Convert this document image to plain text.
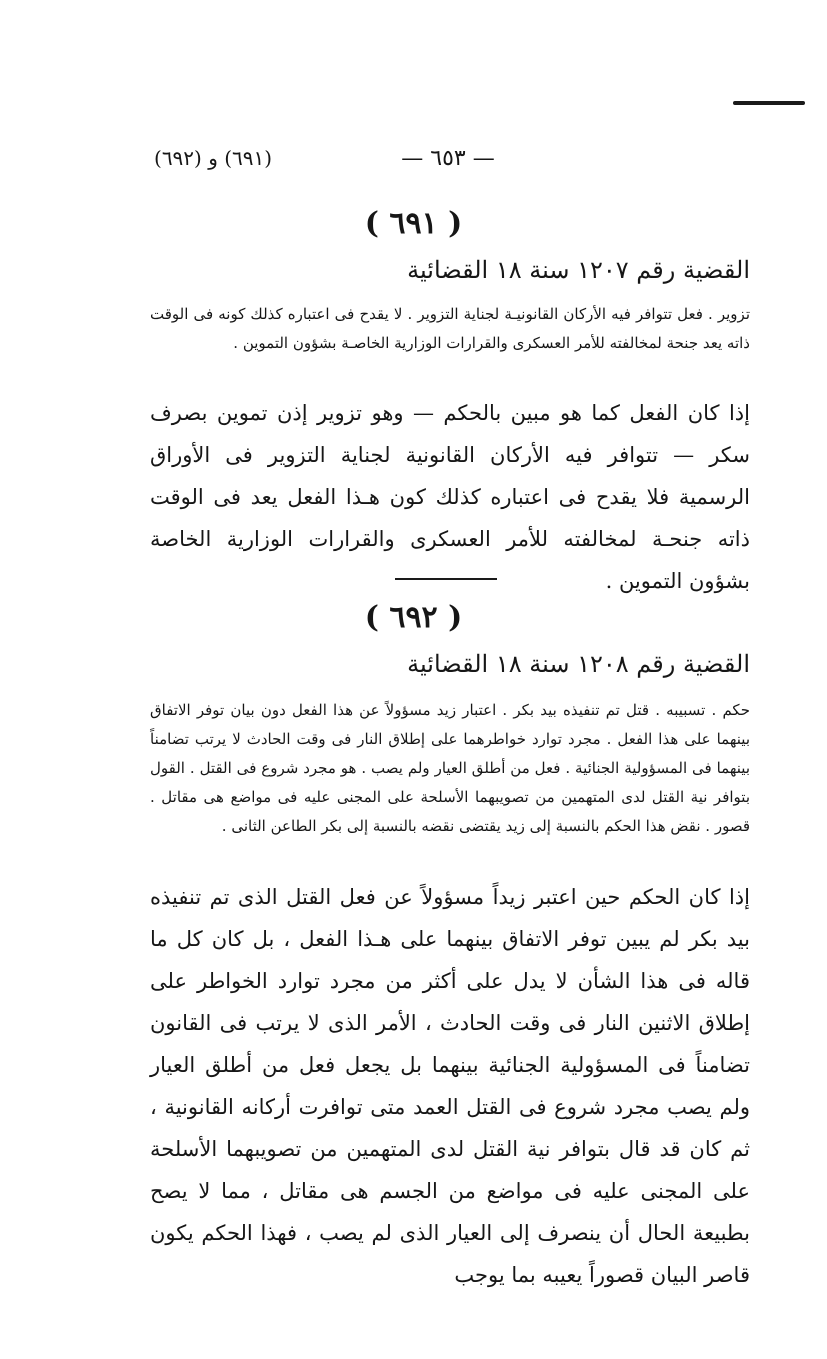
(٦٩١) و (٦٩٢)	— ٦٥٣ —
( ٦٩١ )
القضية رقم ١٢٠٧ سنة ١٨ القضائية
تزوير . فعل تتوافر فيه الأركان القانونيـة لجناية التزوير . لا يقدح فى اعتباره كذلك كونه فى الوقت ذاته يعد جنحة لمخالفته للأمر العسكرى والقرارات الوزارية الخاصـة بشؤون التموين .
إذا كان الفعل كما هو مبين بالحكم — وهو تزوير إذن تموين بصرف سكر — تتوافر فيه الأركان القانونية لجناية التزوير فى الأوراق الرسمية فلا يقدح فى اعتباره كذلك كون هـذا الفعل يعد فى الوقت ذاته جنحـة لمخالفته للأمر العسكرى والقرارات الوزارية الخاصة بشؤون التموين .
( ٦٩٢ )
القضية رقم ١٢٠٨ سنة ١٨ القضائية
حكم . تسبيبه . قتل تم تنفيذه بيد بكر . اعتبار زيد مسؤولاً عن هذا الفعل دون بيان توفر الاتفاق بينهما على هذا الفعل . مجرد توارد خواطرهما على إطلاق النار فى وقت الحادث لا يرتب تضامناً بينهما فى المسؤولية الجنائية . فعل من أطلق العيار ولم يصب . هو مجرد شروع فى القتل . القول بتوافر نية القتل لدى المتهمين من تصويبهما الأسلحة على المجنى عليه فى مواضع هى مقاتل . قصور . نقض هذا الحكم بالنسبة إلى زيد يقتضى نقضه بالنسبة إلى بكر الطاعن الثانى .
إذا كان الحكم حين اعتبر زيداً مسؤولاً عن فعل القتل الذى تم تنفيذه بيد بكر لم يبين توفر الاتفاق بينهما على هـذا الفعل ، بل كان كل ما قاله فى هذا الشأن لا يدل على أكثر من مجرد توارد الخواطر على إطلاق الاثنين النار فى وقت الحادث ، الأمر الذى لا يرتب فى القانون تضامناً فى المسؤولية الجنائية بينهما بل يجعل فعل من أطلق العيار ولم يصب مجرد شروع فى القتل العمد متى توافرت أركانه القانونية ، ثم كان قد قال بتوافر نية القتل لدى المتهمين من تصويبهما الأسلحة على المجنى عليه فى مواضع من الجسم هى مقاتل ، مما لا يصح بطبيعة الحال أن ينصرف إلى العيار الذى لم يصب ، فهذا الحكم يكون قاصر البيان قصوراً يعيبه بما يوجب
